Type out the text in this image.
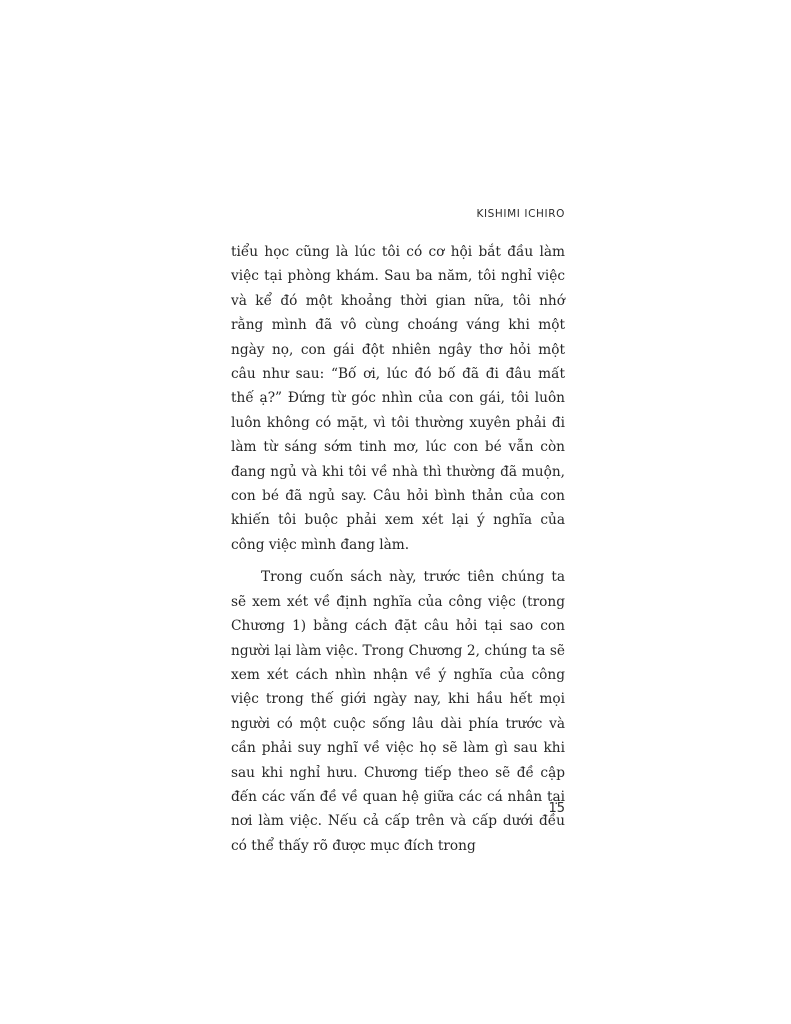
KISHIMI ICHIRO

tiểu học cũng là lúc tôi có cơ hội bắt đầu làm việc tại phòng khám. Sau ba năm, tôi nghỉ việc và kể đó một khoảng thời gian nữa, tôi nhớ rằng mình đã vô cùng choáng váng khi một ngày nọ, con gái đột nhiên ngây thơ hỏi một câu như sau: “Bố ơi, lúc đó bố đã đi đâu mất thế ạ?” Đứng từ góc nhìn của con gái, tôi luôn luôn không có mặt, vì tôi thường xuyên phải đi làm từ sáng sớm tinh mơ, lúc con bé vẫn còn đang ngủ và khi tôi về nhà thì thường đã muộn, con bé đã ngủ say. Câu hỏi bình thản của con khiến tôi buộc phải xem xét lại ý nghĩa của công việc mình đang làm.

Trong cuốn sách này, trước tiên chúng ta sẽ xem xét về định nghĩa của công việc (trong Chương 1) bằng cách đặt câu hỏi tại sao con người lại làm việc. Trong Chương 2, chúng ta sẽ xem xét cách nhìn nhận về ý nghĩa của công việc trong thế giới ngày nay, khi hầu hết mọi người có một cuộc sống lâu dài phía trước và cần phải suy nghĩ về việc họ sẽ làm gì sau khi sau khi nghỉ hưu. Chương tiếp theo sẽ đề cập đến các vấn đề về quan hệ giữa các cá nhân tại nơi làm việc. Nếu cả cấp trên và cấp dưới đều có thể thấy rõ được mục đích trong

15
